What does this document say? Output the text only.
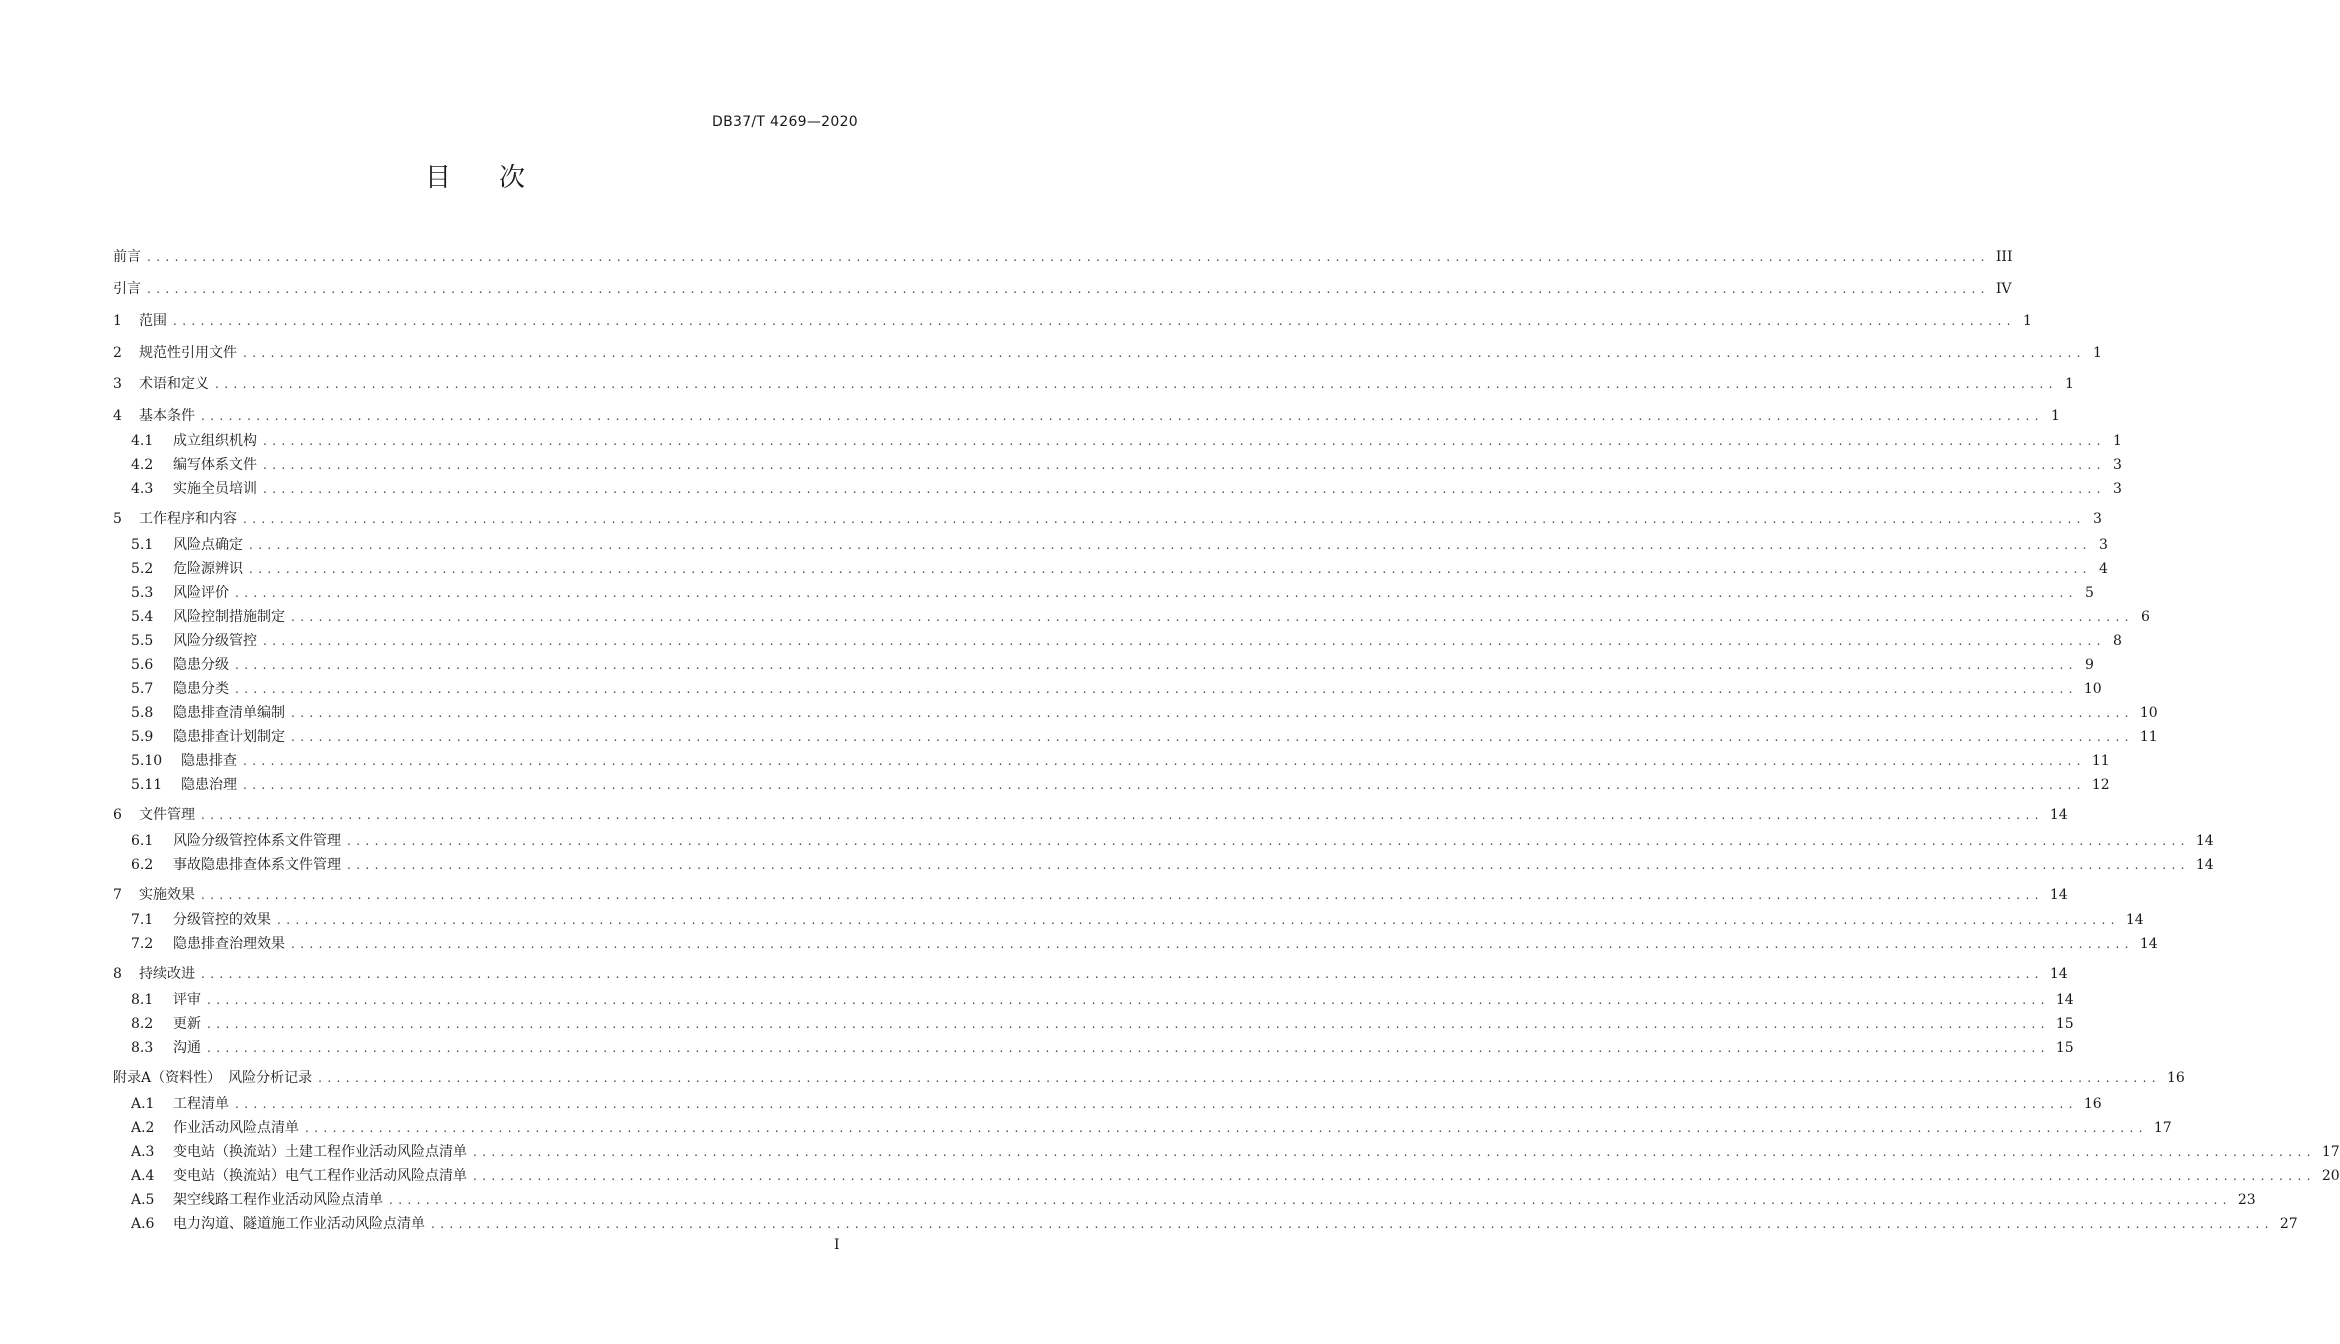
DB37/T 4269—2020
目次
前言 ........................................................................................................................................................................................................ III
引言 ........................................................................................................................................................................................................ IV
1 范围 ........................................................................................................................................................................................................ 1
2 规范性引用文件 ........................................................................................................................................................................................................ 1
3 术语和定义 ........................................................................................................................................................................................................ 1
4 基本条件 ........................................................................................................................................................................................................ 1
4.1 成立组织机构 ........................................................................................................................................................................................................ 1
4.2 编写体系文件 ........................................................................................................................................................................................................ 3
4.3 实施全员培训 ........................................................................................................................................................................................................ 3
5 工作程序和内容 ........................................................................................................................................................................................................ 3
5.1 风险点确定 ........................................................................................................................................................................................................ 3
5.2 危险源辨识 ........................................................................................................................................................................................................ 4
5.3 风险评价 ........................................................................................................................................................................................................ 5
5.4 风险控制措施制定 ........................................................................................................................................................................................................ 6
5.5 风险分级管控 ........................................................................................................................................................................................................ 8
5.6 隐患分级 ........................................................................................................................................................................................................ 9
5.7 隐患分类 ........................................................................................................................................................................................................ 10
5.8 隐患排查清单编制 ........................................................................................................................................................................................................ 10
5.9 隐患排查计划制定 ........................................................................................................................................................................................................ 11
5.10 隐患排查 ........................................................................................................................................................................................................ 11
5.11 隐患治理 ........................................................................................................................................................................................................ 12
6 文件管理 ........................................................................................................................................................................................................ 14
6.1 风险分级管控体系文件管理 ........................................................................................................................................................................................................ 14
6.2 事故隐患排查体系文件管理 ........................................................................................................................................................................................................ 14
7 实施效果 ........................................................................................................................................................................................................ 14
7.1 分级管控的效果 ........................................................................................................................................................................................................ 14
7.2 隐患排查治理效果 ........................................................................................................................................................................................................ 14
8 持续改进 ........................................................................................................................................................................................................ 14
8.1 评审 ........................................................................................................................................................................................................ 14
8.2 更新 ........................................................................................................................................................................................................ 15
8.3 沟通 ........................................................................................................................................................................................................ 15
附录A（资料性）　风险分析记录 ........................................................................................................................................................................................................ 16
A.1 工程清单 ........................................................................................................................................................................................................ 16
A.2 作业活动风险点清单 ........................................................................................................................................................................................................ 17
A.3 变电站（换流站）土建工程作业活动风险点清单 ........................................................................................................................................................................................................ 17
A.4 变电站（换流站）电气工程作业活动风险点清单 ........................................................................................................................................................................................................ 20
A.5 架空线路工程作业活动风险点清单 ........................................................................................................................................................................................................ 23
A.6 电力沟道、隧道施工作业活动风险点清单 ........................................................................................................................................................................................................ 27
I
